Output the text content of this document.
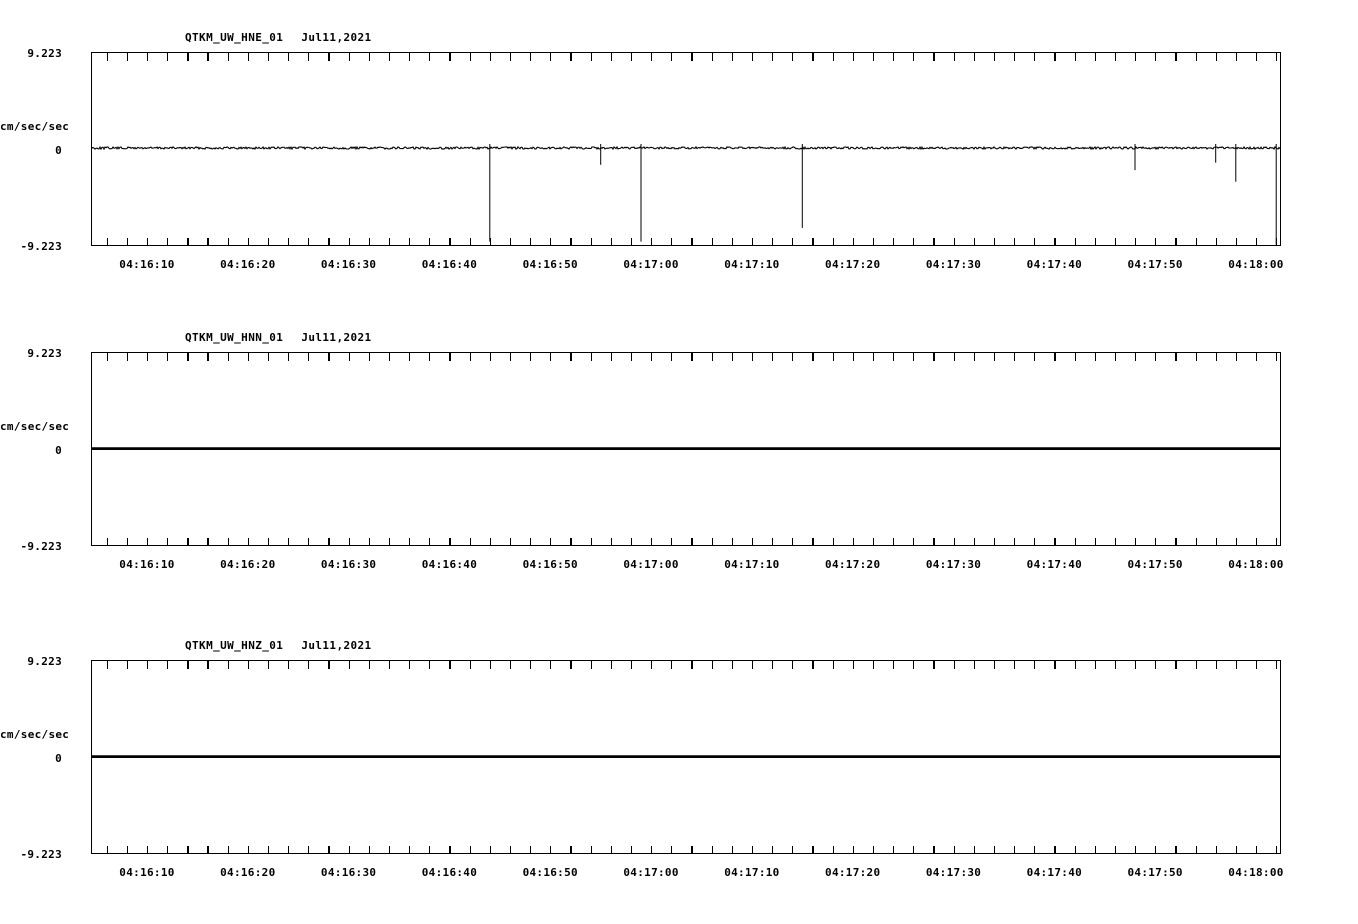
QTKM_UW_HNE_01 Jul11,2021
9.223
cm/sec/sec
0
-9.223
04:16:10	04:16:20	04:16:30	04:16:40	04:16:50	04:17:00	04:17:10	04:17:20	04:17:30	04:17:40	04:17:50	04:18:00
QTKM_UW_HNN_01 Jul11,2021
9.223
cm/sec/sec
0
-9.223
04:16:10	04:16:20	04:16:30	04:16:40	04:16:50	04:17:00	04:17:10	04:17:20	04:17:30	04:17:40	04:17:50	04:18:00
QTKM_UW_HNZ_01 Jul11,2021
9.223
cm/sec/sec
0
-9.223
04:16:10	04:16:20	04:16:30	04:16:40	04:16:50	04:17:00	04:17:10	04:17:20	04:17:30	04:17:40	04:17:50	04:18:00
